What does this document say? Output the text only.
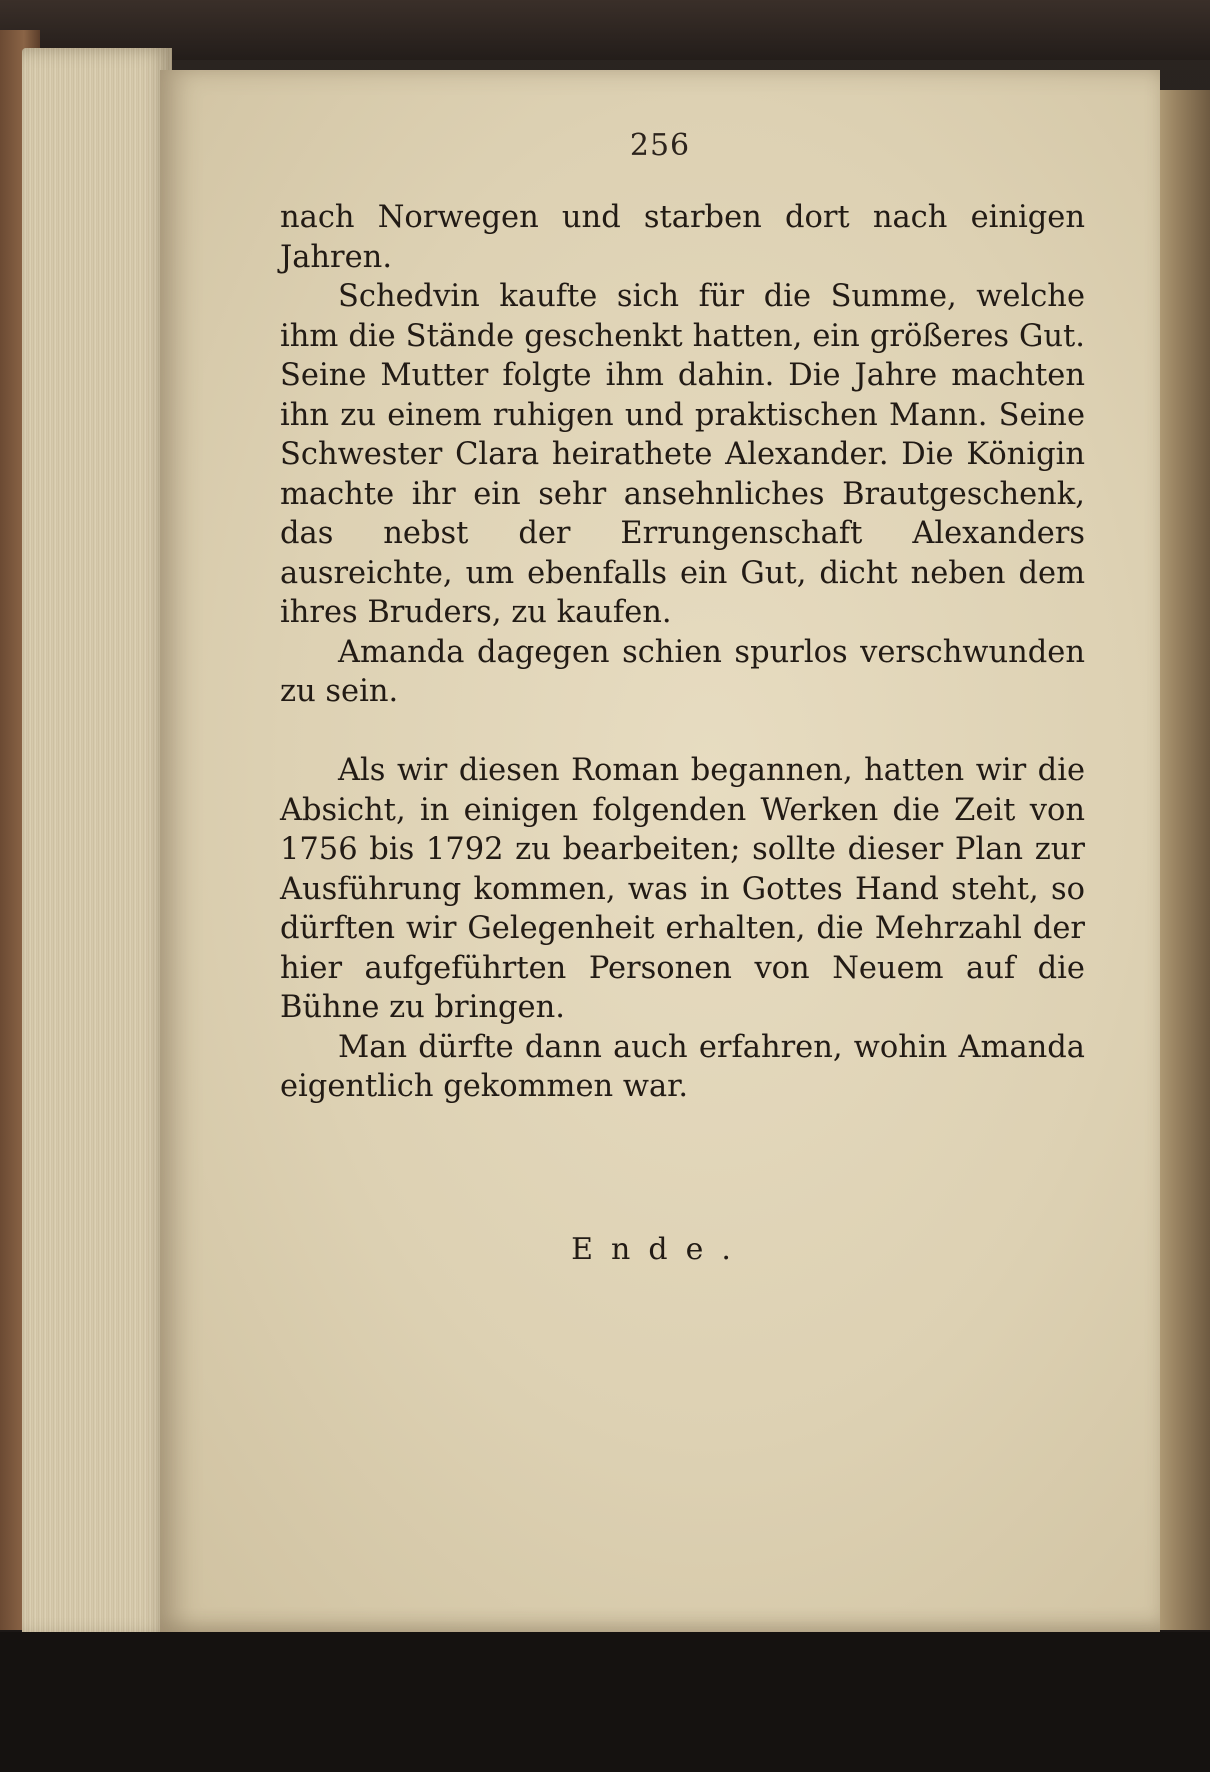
256

nach Norwegen und starben dort nach einigen Jahren.

Schedvin kaufte sich für die Summe, welche ihm die Stände geschenkt hatten, ein größeres Gut. Seine Mutter folgte ihm dahin. Die Jahre machten ihn zu einem ruhigen und praktischen Mann. Seine Schwester Clara heirathete Alexander. Die Königin machte ihr ein sehr ansehnliches Brautgeschenk, das nebst der Errungenschaft Alexanders ausreichte, um ebenfalls ein Gut, dicht neben dem ihres Bruders, zu kaufen.

Amanda dagegen schien spurlos verschwunden zu sein.

Als wir diesen Roman begannen, hatten wir die Absicht, in einigen folgenden Werken die Zeit von 1756 bis 1792 zu bearbeiten; sollte dieser Plan zur Ausführung kommen, was in Gottes Hand steht, so dürften wir Gelegenheit erhalten, die Mehrzahl der hier aufgeführten Personen von Neuem auf die Bühne zu bringen.

Man dürfte dann auch erfahren, wohin Amanda eigentlich gekommen war.

Ende.
